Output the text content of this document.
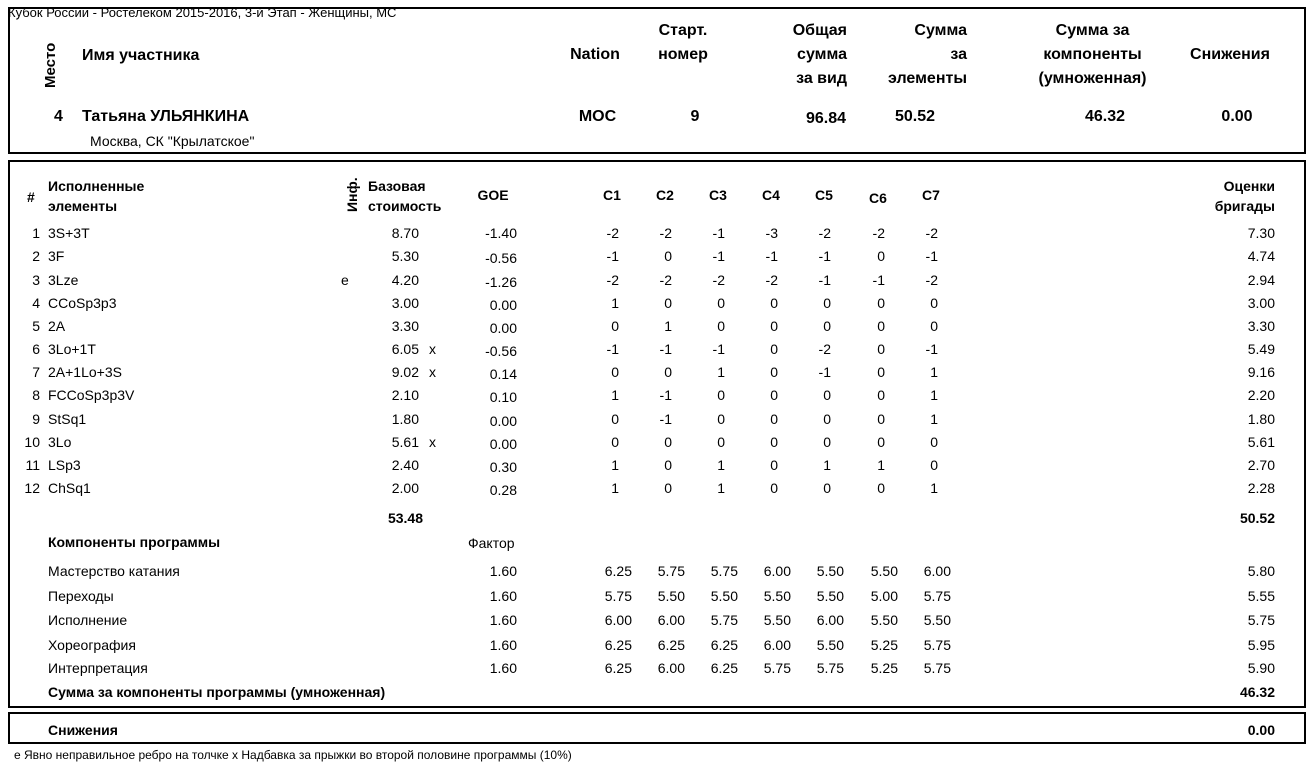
Кубок России - Ростелеком 2015-2016, 3-й Этап - Женщины, МС
Место Имя участника	Nation
Старт.
номер
Общая
сумма
за вид
Сумма
за
элементы
Сумма за
компоненты
(умноженная)
Снижения
4 Татьяна УЛЬЯНКИНА
Москва, СК "Крылатское"
MOC	9	96.84	50.52	46.32	0.00
#
Исполненные
элементы	Инф. Базовая
стоимость
GOE	C1	C2	C3	C4	C5	C6	C7
Оценки
бригады
1 3S+3T	8.70	-1.40	-2	-2	-1	-3	-2	-2	-2	7.30
2 3F	5.30	-0.56	-1	0	-1	-1	-1	0	-1	4.74
3 3Lze	e	4.20	-1.26	-2	-2	-2	-2	-1	-1	-2	2.94
4 CCoSp3p3	3.00	0.00	1	0	0	0	0	0	0	3.00
5 2A	3.30	0.00	0	1	0	0	0	0	0	3.30
6 3Lo+1T	6.05 x	-0.56	-1	-1	-1	0	-2	0	-1	5.49
7 2A+1Lo+3S	9.02 x	0.14	0	0	1	0	-1	0	1	9.16
8 FCCoSp3p3V	2.10	0.10	1	-1	0	0	0	0	1	2.20
9 StSq1	1.80	0.00	0	-1	0	0	0	0	1	1.80
10 3Lo	5.61 x	0.00	0	0	0	0	0	0	0	5.61
11 LSp3	2.40	0.30	1	0	1	0	1	1	0	2.70
12 ChSq1	2.00	0.28	1	0	1	0	0	0	1	2.28
53.48	50.52
Компоненты программы	Фактор
Мастерство катания	1.60	6.25	5.75	5.75	6.00	5.50	5.50	6.00	5.80
Переходы	1.60	5.75	5.50	5.50	5.50	5.50	5.00	5.75	5.55
Исполнение	1.60	6.00	6.00	5.75	5.50	6.00	5.50	5.50	5.75
Хореография	1.60	6.25	6.25	6.25	6.00	5.50	5.25	5.75	5.95
Интерпретация	1.60	6.25	6.00	6.25	5.75	5.75	5.25	5.75	5.90
Сумма за компоненты программы (умноженная)	46.32
Снижения	0.00
e Явно неправильное ребро на толчке x Надбавка за прыжки во второй половине программы (10%)
